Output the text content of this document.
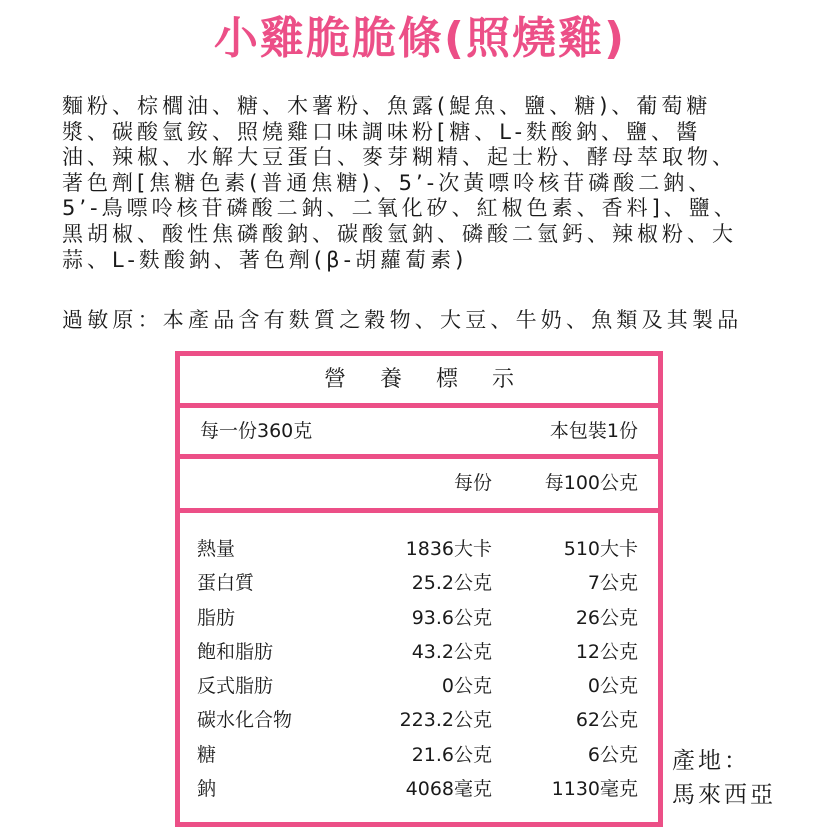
小雞脆脆條(照燒雞)
麵粉、棕櫚油、糖、木薯粉、魚露(鯷魚、鹽、糖)、葡萄糖
漿、碳酸氫銨、照燒雞口味調味粉[糖、L-麩酸鈉、鹽、醬
油、辣椒、水解大豆蛋白、麥芽糊精、起士粉、酵母萃取物、
著色劑[焦糖色素(普通焦糖)、5’-次黃嘌呤核苷磷酸二鈉、
5’-鳥嘌呤核苷磷酸二鈉、二氧化矽、紅椒色素、香料]、鹽、
黑胡椒、酸性焦磷酸鈉、碳酸氫鈉、磷酸二氫鈣、辣椒粉、大
蒜、L-麩酸鈉、著色劑(β-胡蘿蔔素)
過敏原：本產品含有麩質之穀物、大豆、牛奶、魚類及其製品
營養標示
每一份360克	本包裝1份
每份	每100公克
熱量	1836大卡	510大卡
蛋白質	25.2公克	7公克
脂肪	93.6公克	26公克
飽和脂肪	43.2公克	12公克
反式脂肪	0公克	0公克
碳水化合物	223.2公克	62公克
糖	21.6公克	6公克
鈉	4068毫克	1130毫克
產地：
馬來西亞
